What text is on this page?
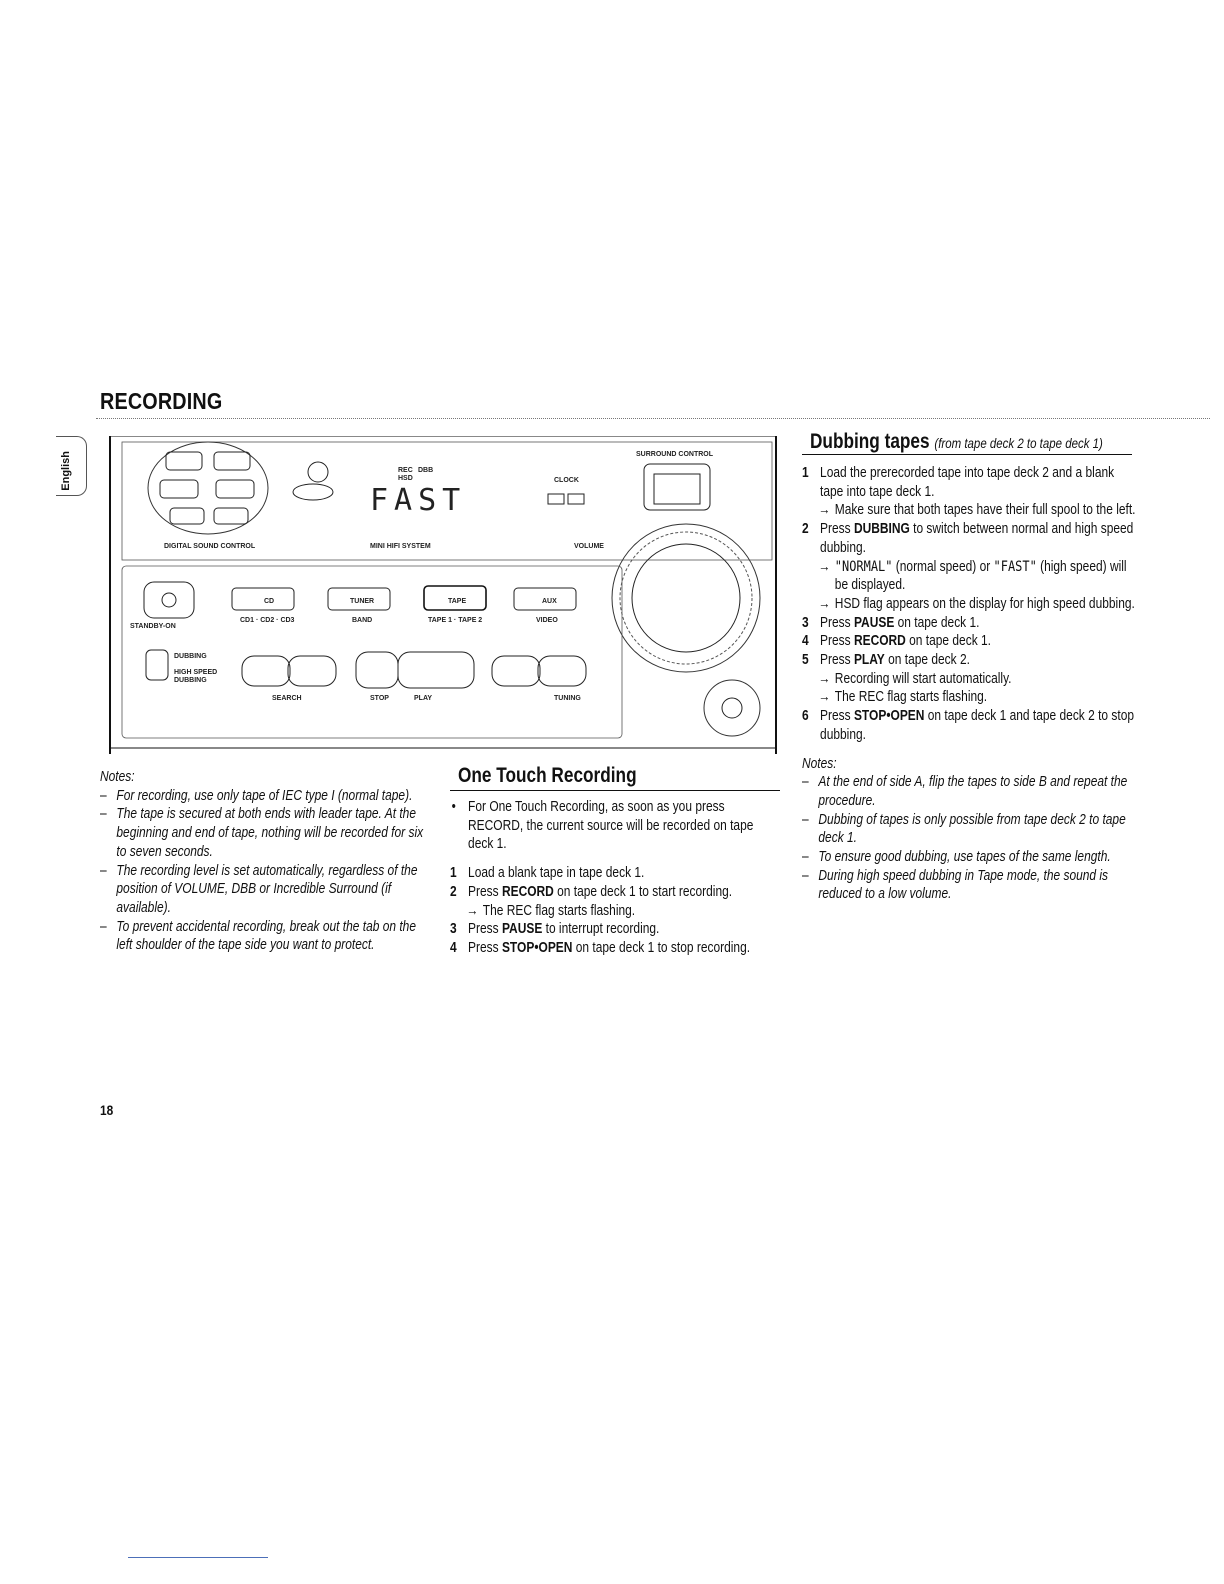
RECORDING
English
DIGITAL SOUND CONTROL
REC DBB
HSD
FAST
MINI HIFI SYSTEM
CLOCK
VOLUME
SURROUND CONTROL
STANDBY-ON
CD
CD1 · CD2 · CD3
TUNER
BAND
TAPE
TAPE 1 · TAPE 2
AUX
VIDEO
DUBBING
HIGH SPEED
DUBBING
SEARCH	STOP	PLAY	TUNING
Notes:
– For recording, use only tape of IEC type I (normal tape).
– The tape is secured at both ends with leader tape. At the beginning and end of tape, nothing will be recorded for six to seven seconds.
– The recording level is set automatically, regardless of the position of VOLUME, DBB or Incredible Surround (if available).
– To prevent accidental recording, break out the tab on the left shoulder of the tape side you want to protect.
One Touch Recording
• For One Touch Recording, as soon as you press RECORD, the current source will be recorded on tape deck 1.
1 Load a blank tape in tape deck 1.
2 Press RECORD on tape deck 1 to start recording.
→ The REC flag starts flashing.
3 Press PAUSE to interrupt recording.
4 Press STOP•OPEN on tape deck 1 to stop recording.
Dubbing tapes (from tape deck 2 to tape deck 1)
1 Load the prerecorded tape into tape deck 2 and a blank tape into tape deck 1.
→ Make sure that both tapes have their full spool to the left.
2 Press DUBBING to switch between normal and high speed dubbing.
→ "NORMAL" (normal speed) or "FAST" (high speed) will be displayed.
→ HSD flag appears on the display for high speed dubbing.
3 Press PAUSE on tape deck 1.
4 Press RECORD on tape deck 1.
5 Press PLAY on tape deck 2.
→ Recording will start automatically.
→ The REC flag starts flashing.
6 Press STOP•OPEN on tape deck 1 and tape deck 2 to stop dubbing.
Notes:
– At the end of side A, flip the tapes to side B and repeat the procedure.
– Dubbing of tapes is only possible from tape deck 2 to tape deck 1.
– To ensure good dubbing, use tapes of the same length.
– During high speed dubbing in Tape mode, the sound is reduced to a low volume.
18
